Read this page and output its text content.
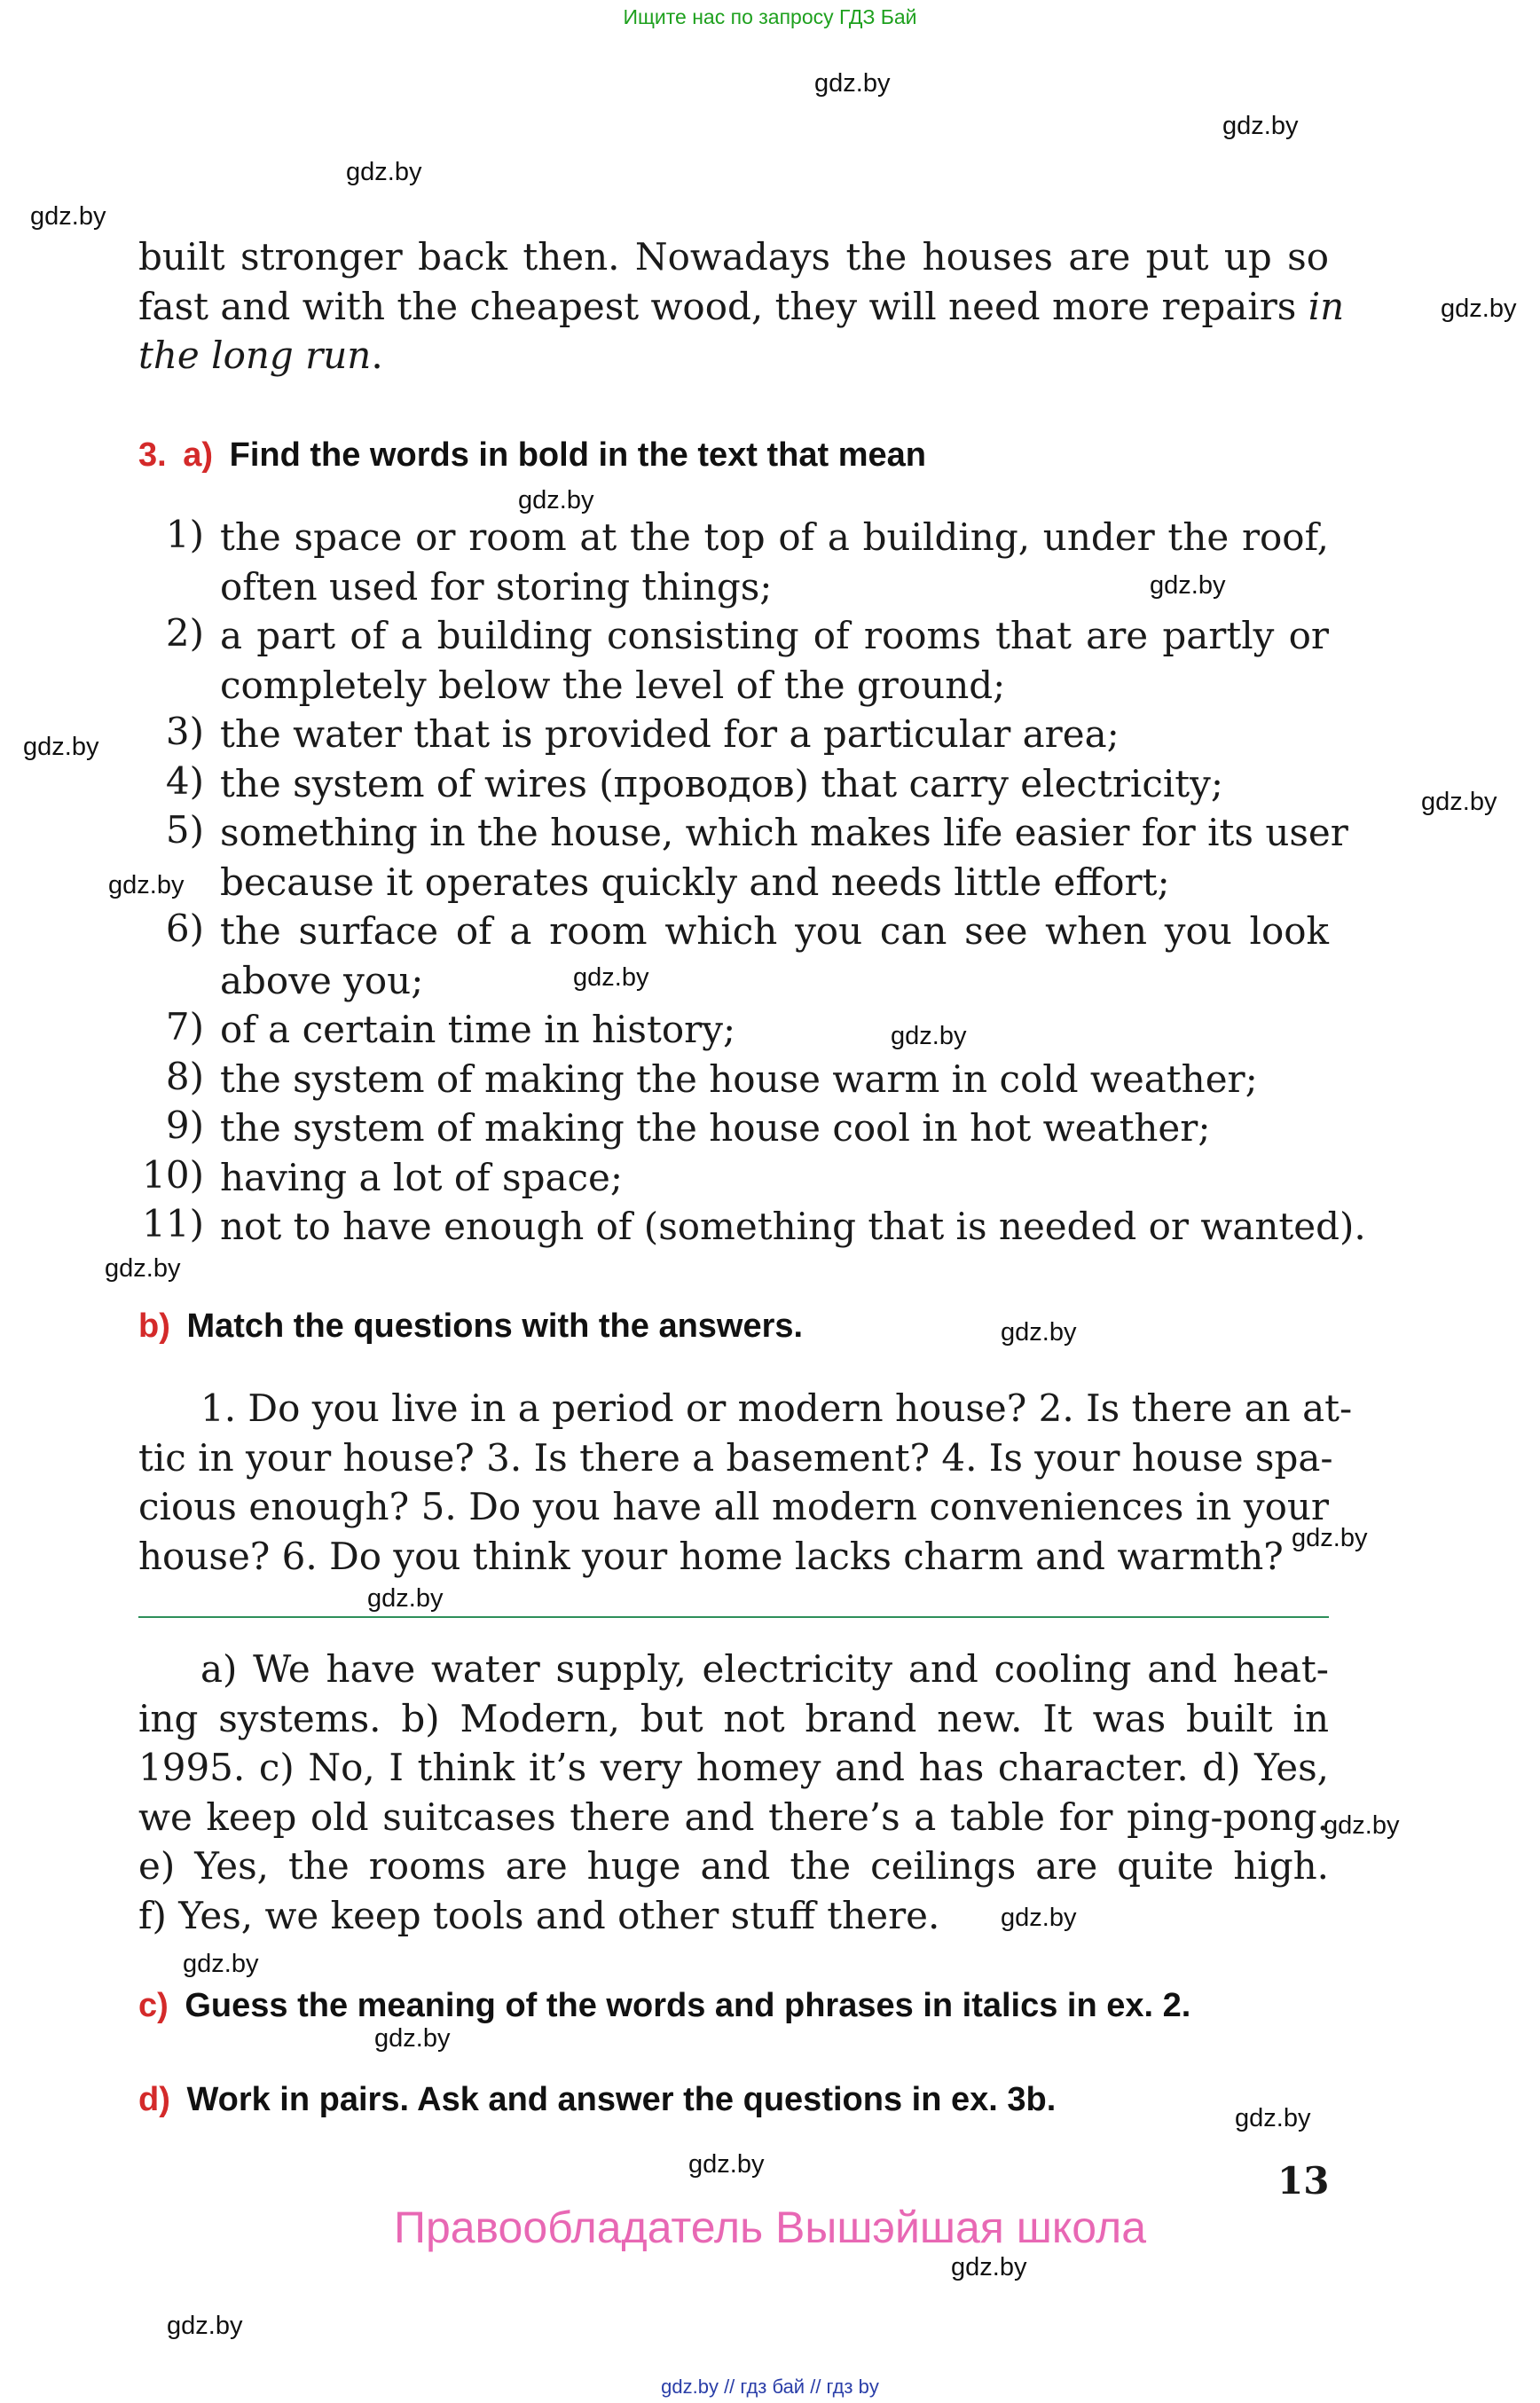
Ищите нас по запросу ГДЗ Бай
gdz.by
gdz.by
gdz.by
gdz.by
gdz.by
gdz.by
gdz.by
gdz.by
gdz.by
gdz.by
gdz.by
gdz.by
gdz.by
gdz.by
gdz.by
gdz.by
gdz.by
gdz.by
gdz.by
gdz.by
gdz.by
gdz.by
gdz.by
gdz.by
built stronger back then. Nowadays the houses are put up so
fast and with the cheapest wood, they will need more repairs in
the long run.
3. a) Find the words in bold in the text that mean
1) the space or room at the top of a building, under the roof,
often used for storing things;
2) a part of a building consisting of rooms that are partly or
completely below the level of the ground;
3) the water that is provided for a particular area;
4) the system of wires (проводов) that carry electricity;
5) something in the house, which makes life easier for its user
because it operates quickly and needs little effort;
6) the surface of a room which you can see when you look
above you;
7) of a certain time in history;
8) the system of making the house warm in cold weather;
9) the system of making the house cool in hot weather;
10) having a lot of space;
11) not to have enough of (something that is needed or wanted).
b) Match the questions with the answers.
1. Do you live in a period or modern house? 2. Is there an at-
tic in your house? 3. Is there a basement? 4. Is your house spa-
cious enough? 5. Do you have all modern conveniences in your
house? 6. Do you think your home lacks charm and warmth?
a) We have water supply, electricity and cooling and heat-
ing systems. b) Modern, but not brand new. It was built in
1995. c) No, I think it’s very homey and has character. d) Yes,
we keep old suitcases there and there’s a table for ping-pong.
e) Yes, the rooms are huge and the ceilings are quite high.
f) Yes, we keep tools and other stuff there.
c) Guess the meaning of the words and phrases in italics in ex. 2.
d) Work in pairs. Ask and answer the questions in ex. 3b.
13
Правообладатель Вышэйшая школа
gdz.by // гдз бай // гдз by
